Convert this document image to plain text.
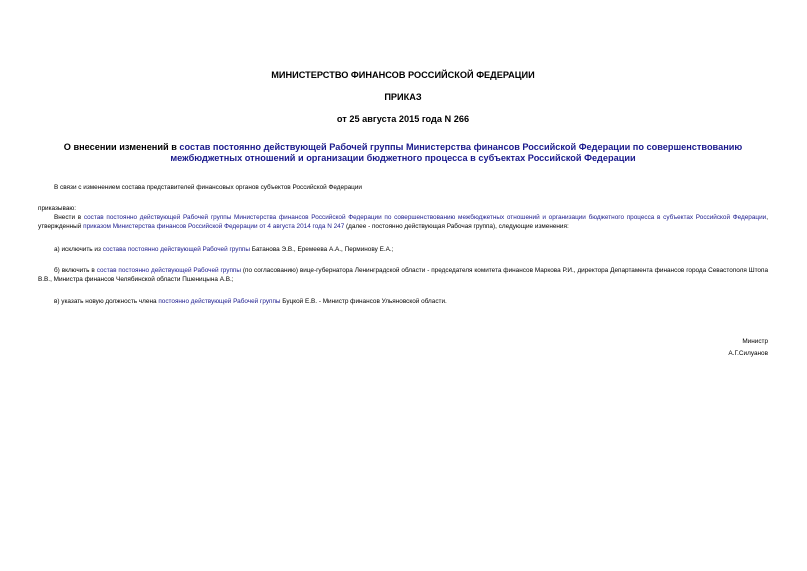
МИНИСТЕРСТВО ФИНАНСОВ РОССИЙСКОЙ ФЕДЕРАЦИИ
ПРИКАЗ
от 25 августа 2015 года N 266
О внесении изменений в состав постоянно действующей Рабочей группы Министерства финансов Российской Федерации по совершенствованию межбюджетных отношений и организации бюджетного процесса в субъектах Российской Федерации
В связи с изменением состава представителей финансовых органов субъектов Российской Федерации
приказываю:
Внести в состав постоянно действующей Рабочей группы Министерства финансов Российской Федерации по совершенствованию межбюджетных отношений и организации бюджетного процесса в субъектах Российской Федерации, утвержденный приказом Министерства финансов Российской Федерации от 4 августа 2014 года N 247 (далее - постоянно действующая Рабочая группа), следующие изменения:
а) исключить из состава постоянно действующей Рабочей группы Батанова Э.В., Еремеева А.А., Перминову Е.А.;
б) включить в состав постоянно действующей Рабочей группы (по согласованию) вице-губернатора Ленинградской области - председателя комитета финансов Маркова Р.И., директора Департамента финансов города Севастополя Штопа В.В., Министра финансов Челябинской области Пшеницына А.В.;
в) указать новую должность члена постоянно действующей Рабочей группы Буцкой Е.В. - Министр финансов Ульяновской области.
Министр
А.Г.Силуанов
